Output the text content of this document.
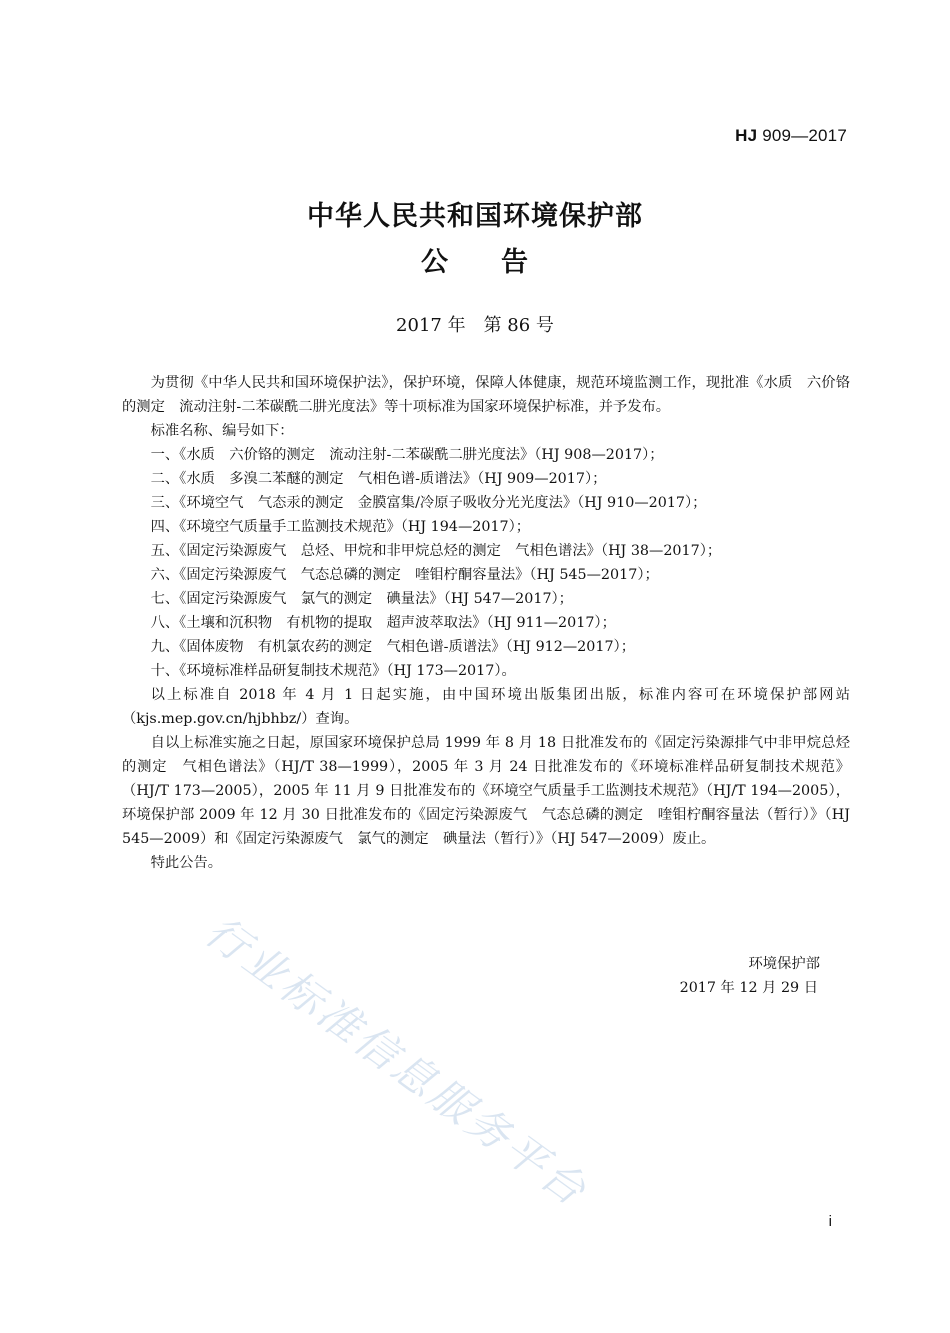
HJ 909—2017
中华人民共和国环境保护部
公 告
2017 年　第 86 号

为贯彻《中华人民共和国环境保护法》，保护环境，保障人体健康，规范环境监测工作，现批准《水质　六价铬的测定　流动注射-二苯碳酰二肼光度法》等十项标准为国家环境保护标准，并予发布。

标准名称、编号如下：

一、《水质　六价铬的测定　流动注射-二苯碳酰二肼光度法》（HJ 908—2017）；

二、《水质　多溴二苯醚的测定　气相色谱-质谱法》（HJ 909—2017）；

三、《环境空气　气态汞的测定　金膜富集/冷原子吸收分光光度法》（HJ 910—2017）；

四、《环境空气质量手工监测技术规范》（HJ 194—2017）；

五、《固定污染源废气　总烃、甲烷和非甲烷总烃的测定　气相色谱法》（HJ 38—2017）；

六、《固定污染源废气　气态总磷的测定　喹钼柠酮容量法》（HJ 545—2017）；

七、《固定污染源废气　氯气的测定　碘量法》（HJ 547—2017）；

八、《土壤和沉积物　有机物的提取　超声波萃取法》（HJ 911—2017）；

九、《固体废物　有机氯农药的测定　气相色谱-质谱法》（HJ 912—2017）；

十、《环境标准样品研复制技术规范》（HJ 173—2017）。

以上标准自 2018 年 4 月 1 日起实施，由中国环境出版集团出版，标准内容可在环境保护部网站（kjs.mep.gov.cn/hjbhbz/）查询。

自以上标准实施之日起，原国家环境保护总局 1999 年 8 月 18 日批准发布的《固定污染源排气中非甲烷总烃的测定　气相色谱法》（HJ/T 38—1999），2005 年 3 月 24 日批准发布的《环境标准样品研复制技术规范》（HJ/T 173—2005），2005 年 11 月 9 日批准发布的《环境空气质量手工监测技术规范》（HJ/T 194—2005），环境保护部 2009 年 12 月 30 日批准发布的《固定污染源废气　气态总磷的测定　喹钼柠酮容量法（暂行）》（HJ 545—2009）和《固定污染源废气　氯气的测定　碘量法（暂行）》（HJ 547—2009）废止。

特此公告。

环境保护部
2017 年 12 月 29 日
行业标准信息服务平台
i
